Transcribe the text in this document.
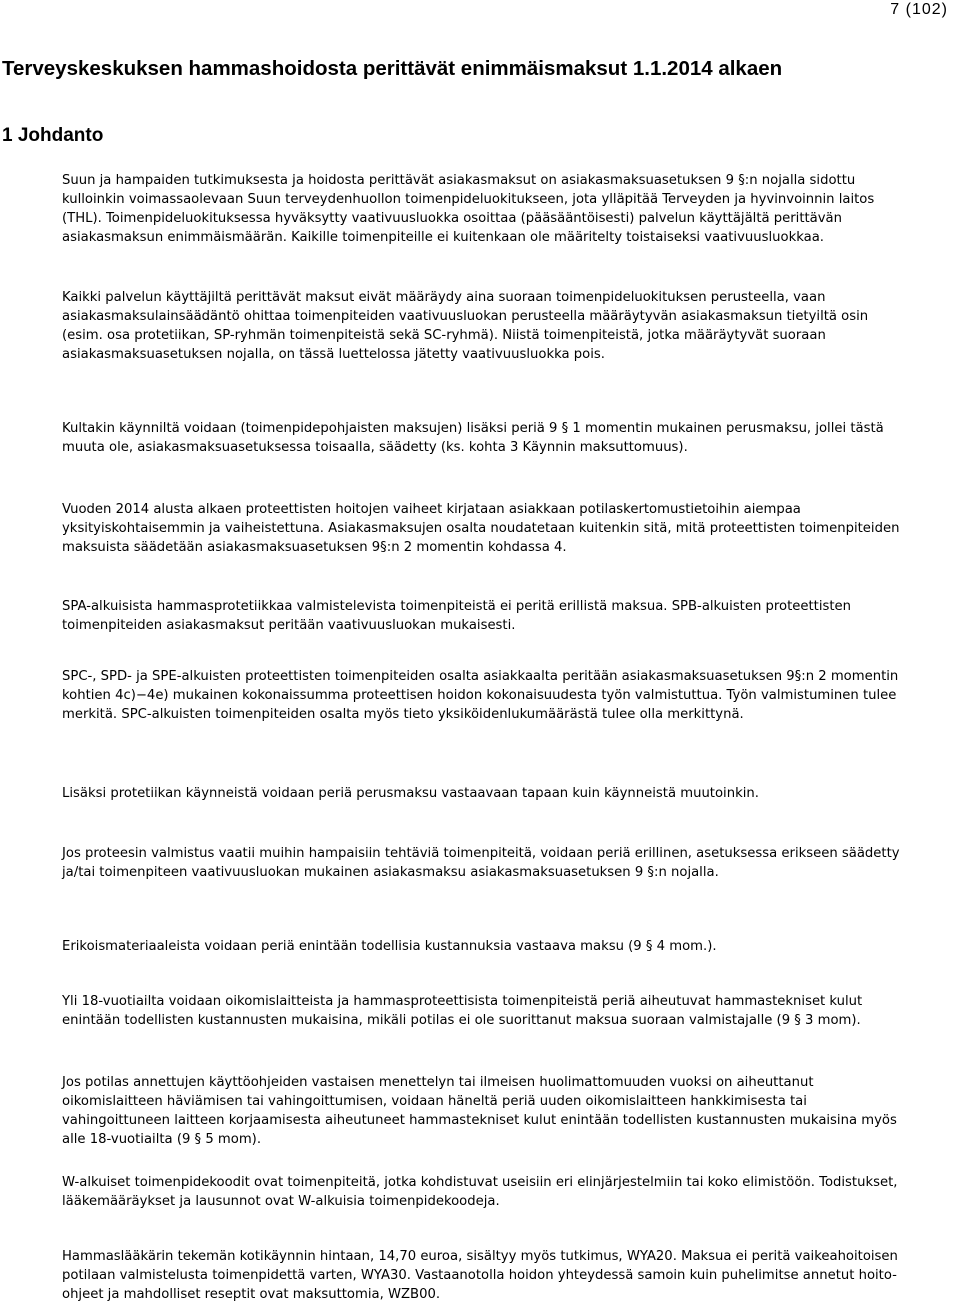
7 (102)
Terveyskeskuksen hammashoidosta perittävät enimmäismaksut 1.1.2014 alkaen
1 Johdanto

Suun ja hampaiden tutkimuksesta ja hoidosta perittävät asiakasmaksut on asiakasmaksuasetuksen 9 §:n nojalla sidottu kulloinkin voimassaolevaan Suun terveydenhuollon toimenpideluokitukseen, jota ylläpitää Terveyden ja hyvinvoinnin laitos (THL). Toimenpideluokituksessa hyväksytty vaativuusluokka osoittaa (pääsääntöisesti) palvelun käyttäjältä perittävän asiakasmaksun enimmäismäärän. Kaikille toimenpiteille ei kuitenkaan ole määritelty toistaiseksi vaativuusluokkaa.

Kaikki palvelun käyttäjiltä perittävät maksut eivät määräydy aina suoraan toimenpideluokituksen perusteella, vaan asiakasmaksulainsäädäntö ohittaa toimenpiteiden vaativuusluokan perusteella määräytyvän asiakasmaksun tietyiltä osin (esim. osa protetiikan, SP-ryhmän toimenpiteistä sekä SC-ryhmä). Niistä toimenpiteistä, jotka määräytyvät suoraan asiakasmaksuasetuksen nojalla, on tässä luettelossa jätetty vaativuusluokka pois.

Kultakin käynniltä voidaan (toimenpidepohjaisten maksujen) lisäksi periä 9 § 1 momentin mukainen perusmaksu, jollei tästä muuta ole, asiakasmaksuasetuksessa toisaalla, säädetty (ks. kohta 3 Käynnin maksuttomuus).

Vuoden 2014 alusta alkaen proteettisten hoitojen vaiheet kirjataan asiakkaan potilaskertomustietoihin aiempaa yksityiskohtaisemmin ja vaiheistettuna. Asiakasmaksujen osalta noudatetaan kuitenkin sitä, mitä proteettisten toimenpiteiden maksuista säädetään asiakasmaksuasetuksen 9§:n 2 momentin kohdassa 4.

SPA-alkuisista hammasprotetiikkaa valmistelevista toimenpiteistä ei peritä erillistä maksua. SPB-alkuisten proteettisten toimenpiteiden asiakasmaksut peritään vaativuusluokan mukaisesti.

SPC-, SPD- ja SPE-alkuisten proteettisten toimenpiteiden osalta asiakkaalta peritään asiakasmaksuasetuksen 9§:n 2 momentin kohtien 4c)−4e) mukainen kokonaissumma proteettisen hoidon kokonaisuudesta työn valmistuttua. Työn valmistuminen tulee merkitä. SPC-alkuisten toimenpiteiden osalta myös tieto yksiköidenlukumäärästä tulee olla merkittynä.

Lisäksi protetiikan käynneistä voidaan periä perusmaksu vastaavaan tapaan kuin käynneistä muutoinkin.

Jos proteesin valmistus vaatii muihin hampaisiin tehtäviä toimenpiteitä, voidaan periä erillinen, asetuksessa erikseen säädetty ja/tai toimenpiteen vaativuusluokan mukainen asiakasmaksu asiakasmaksuasetuksen 9 §:n nojalla.

Erikoismateriaaleista voidaan periä enintään todellisia kustannuksia vastaava maksu (9 § 4 mom.).

Yli 18-vuotiailta voidaan oikomislaitteista ja hammasproteettisista toimenpiteistä periä aiheutuvat hammastekniset kulut enintään todellisten kustannusten mukaisina, mikäli potilas ei ole suorittanut maksua suoraan valmistajalle (9 § 3 mom).

Jos potilas annettujen käyttöohjeiden vastaisen menettelyn tai ilmeisen huolimattomuuden vuoksi on aiheuttanut oikomislaitteen häviämisen tai vahingoittumisen, voidaan häneltä periä uuden oikomislaitteen hankkimisesta tai vahingoittuneen laitteen korjaamisesta aiheutuneet hammastekniset kulut enintään todellisten kustannusten mukaisina myös alle 18-vuotiailta (9 § 5 mom).

W-alkuiset toimenpidekoodit ovat toimenpiteitä, jotka kohdistuvat useisiin eri elinjärjestelmiin tai koko elimistöön. Todistukset, lääkemääräykset ja lausunnot ovat W-alkuisia toimenpidekoodeja.

Hammaslääkärin tekemän kotikäynnin hintaan, 14,70 euroa, sisältyy myös tutkimus, WYA20. Maksua ei peritä vaikeahoitoisen potilaan valmistelusta toimenpidettä varten, WYA30. Vastaanotolla hoidon yhteydessä samoin kuin puhelimitse annetut hoito-ohjeet ja mahdolliset reseptit ovat maksuttomia, WZB00.
